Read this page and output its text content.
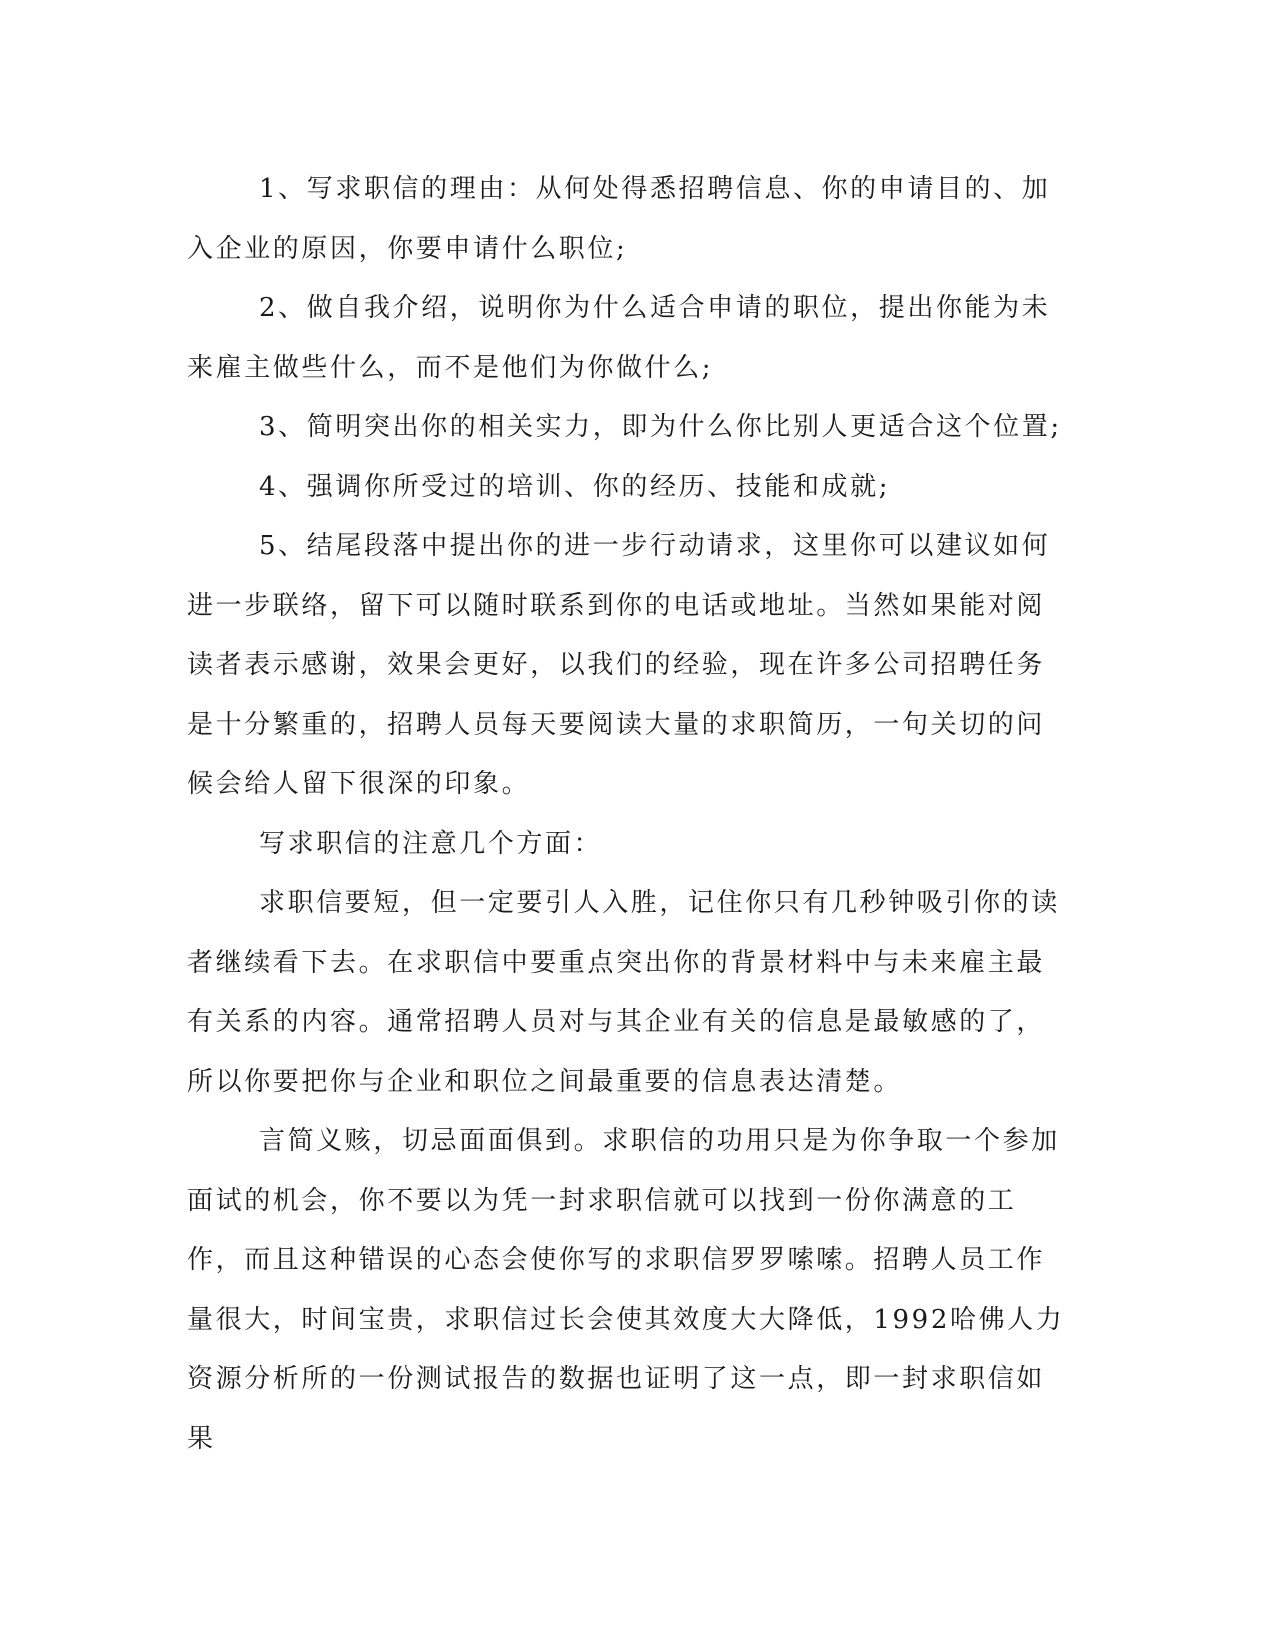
1、写求职信的理由：从何处得悉招聘信息、你的申请目的、加入企业的原因，你要申请什么职位;

2、做自我介绍，说明你为什么适合申请的职位，提出你能为未来雇主做些什么，而不是他们为你做什么;

3、简明突出你的相关实力，即为什么你比别人更适合这个位置;

4、强调你所受过的培训、你的经历、技能和成就;

5、结尾段落中提出你的进一步行动请求，这里你可以建议如何进一步联络，留下可以随时联系到你的电话或地址。当然如果能对阅读者表示感谢，效果会更好，以我们的经验，现在许多公司招聘任务是十分繁重的，招聘人员每天要阅读大量的求职简历，一句关切的问候会给人留下很深的印象。

写求职信的注意几个方面：

求职信要短，但一定要引人入胜，记住你只有几秒钟吸引你的读者继续看下去。在求职信中要重点突出你的背景材料中与未来雇主最有关系的内容。通常招聘人员对与其企业有关的信息是最敏感的了，所以你要把你与企业和职位之间最重要的信息表达清楚。

言简义赅，切忌面面俱到。求职信的功用只是为你争取一个参加面试的机会，你不要以为凭一封求职信就可以找到一份你满意的工作，而且这种错误的心态会使你写的求职信罗罗嗦嗦。招聘人员工作量很大，时间宝贵，求职信过长会使其效度大大降低，1992哈佛人力资源分析所的一份测试报告的数据也证明了这一点，即一封求职信如果
